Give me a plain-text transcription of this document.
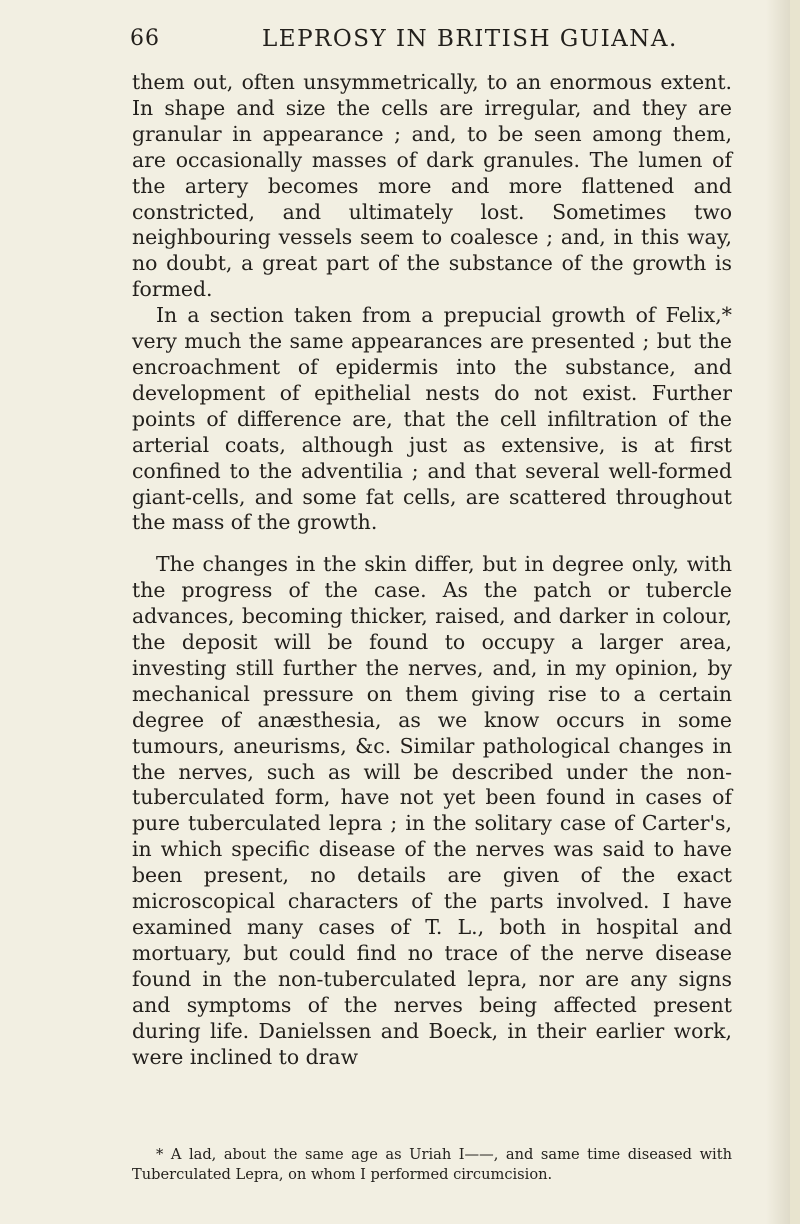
66	LEPROSY IN BRITISH GUIANA.

them out, often unsymmetrically, to an enormous extent. In shape and size the cells are irregular, and they are granular in appearance ; and, to be seen among them, are occasionally masses of dark granules. The lumen of the artery becomes more and more flattened and constricted, and ultimately lost. Sometimes two neighbouring vessels seem to coalesce ; and, in this way, no doubt, a great part of the substance of the growth is formed.

In a section taken from a prepucial growth of Felix,* very much the same appearances are presented ; but the encroachment of epidermis into the substance, and development of epithelial nests do not exist. Further points of difference are, that the cell infiltration of the arterial coats, although just as extensive, is at first confined to the adventilia ; and that several well-formed giant-cells, and some fat cells, are scattered throughout the mass of the growth.

The changes in the skin differ, but in degree only, with the progress of the case. As the patch or tubercle advances, becoming thicker, raised, and darker in colour, the deposit will be found to occupy a larger area, investing still further the nerves, and, in my opinion, by mechanical pressure on them giving rise to a certain degree of anæsthesia, as we know occurs in some tumours, aneurisms, &c. Similar pathological changes in the nerves, such as will be described under the non-tuberculated form, have not yet been found in cases of pure tuberculated lepra ; in the solitary case of Carter's, in which specific disease of the nerves was said to have been present, no details are given of the exact microscopical characters of the parts involved. I have examined many cases of T. L., both in hospital and mortuary, but could find no trace of the nerve disease found in the non-tuberculated lepra, nor are any signs and symptoms of the nerves being affected present during life. Danielssen and Boeck, in their earlier work, were inclined to draw

* A lad, about the same age as Uriah I——, and same time diseased with Tuberculated Lepra, on whom I performed circumcision.
